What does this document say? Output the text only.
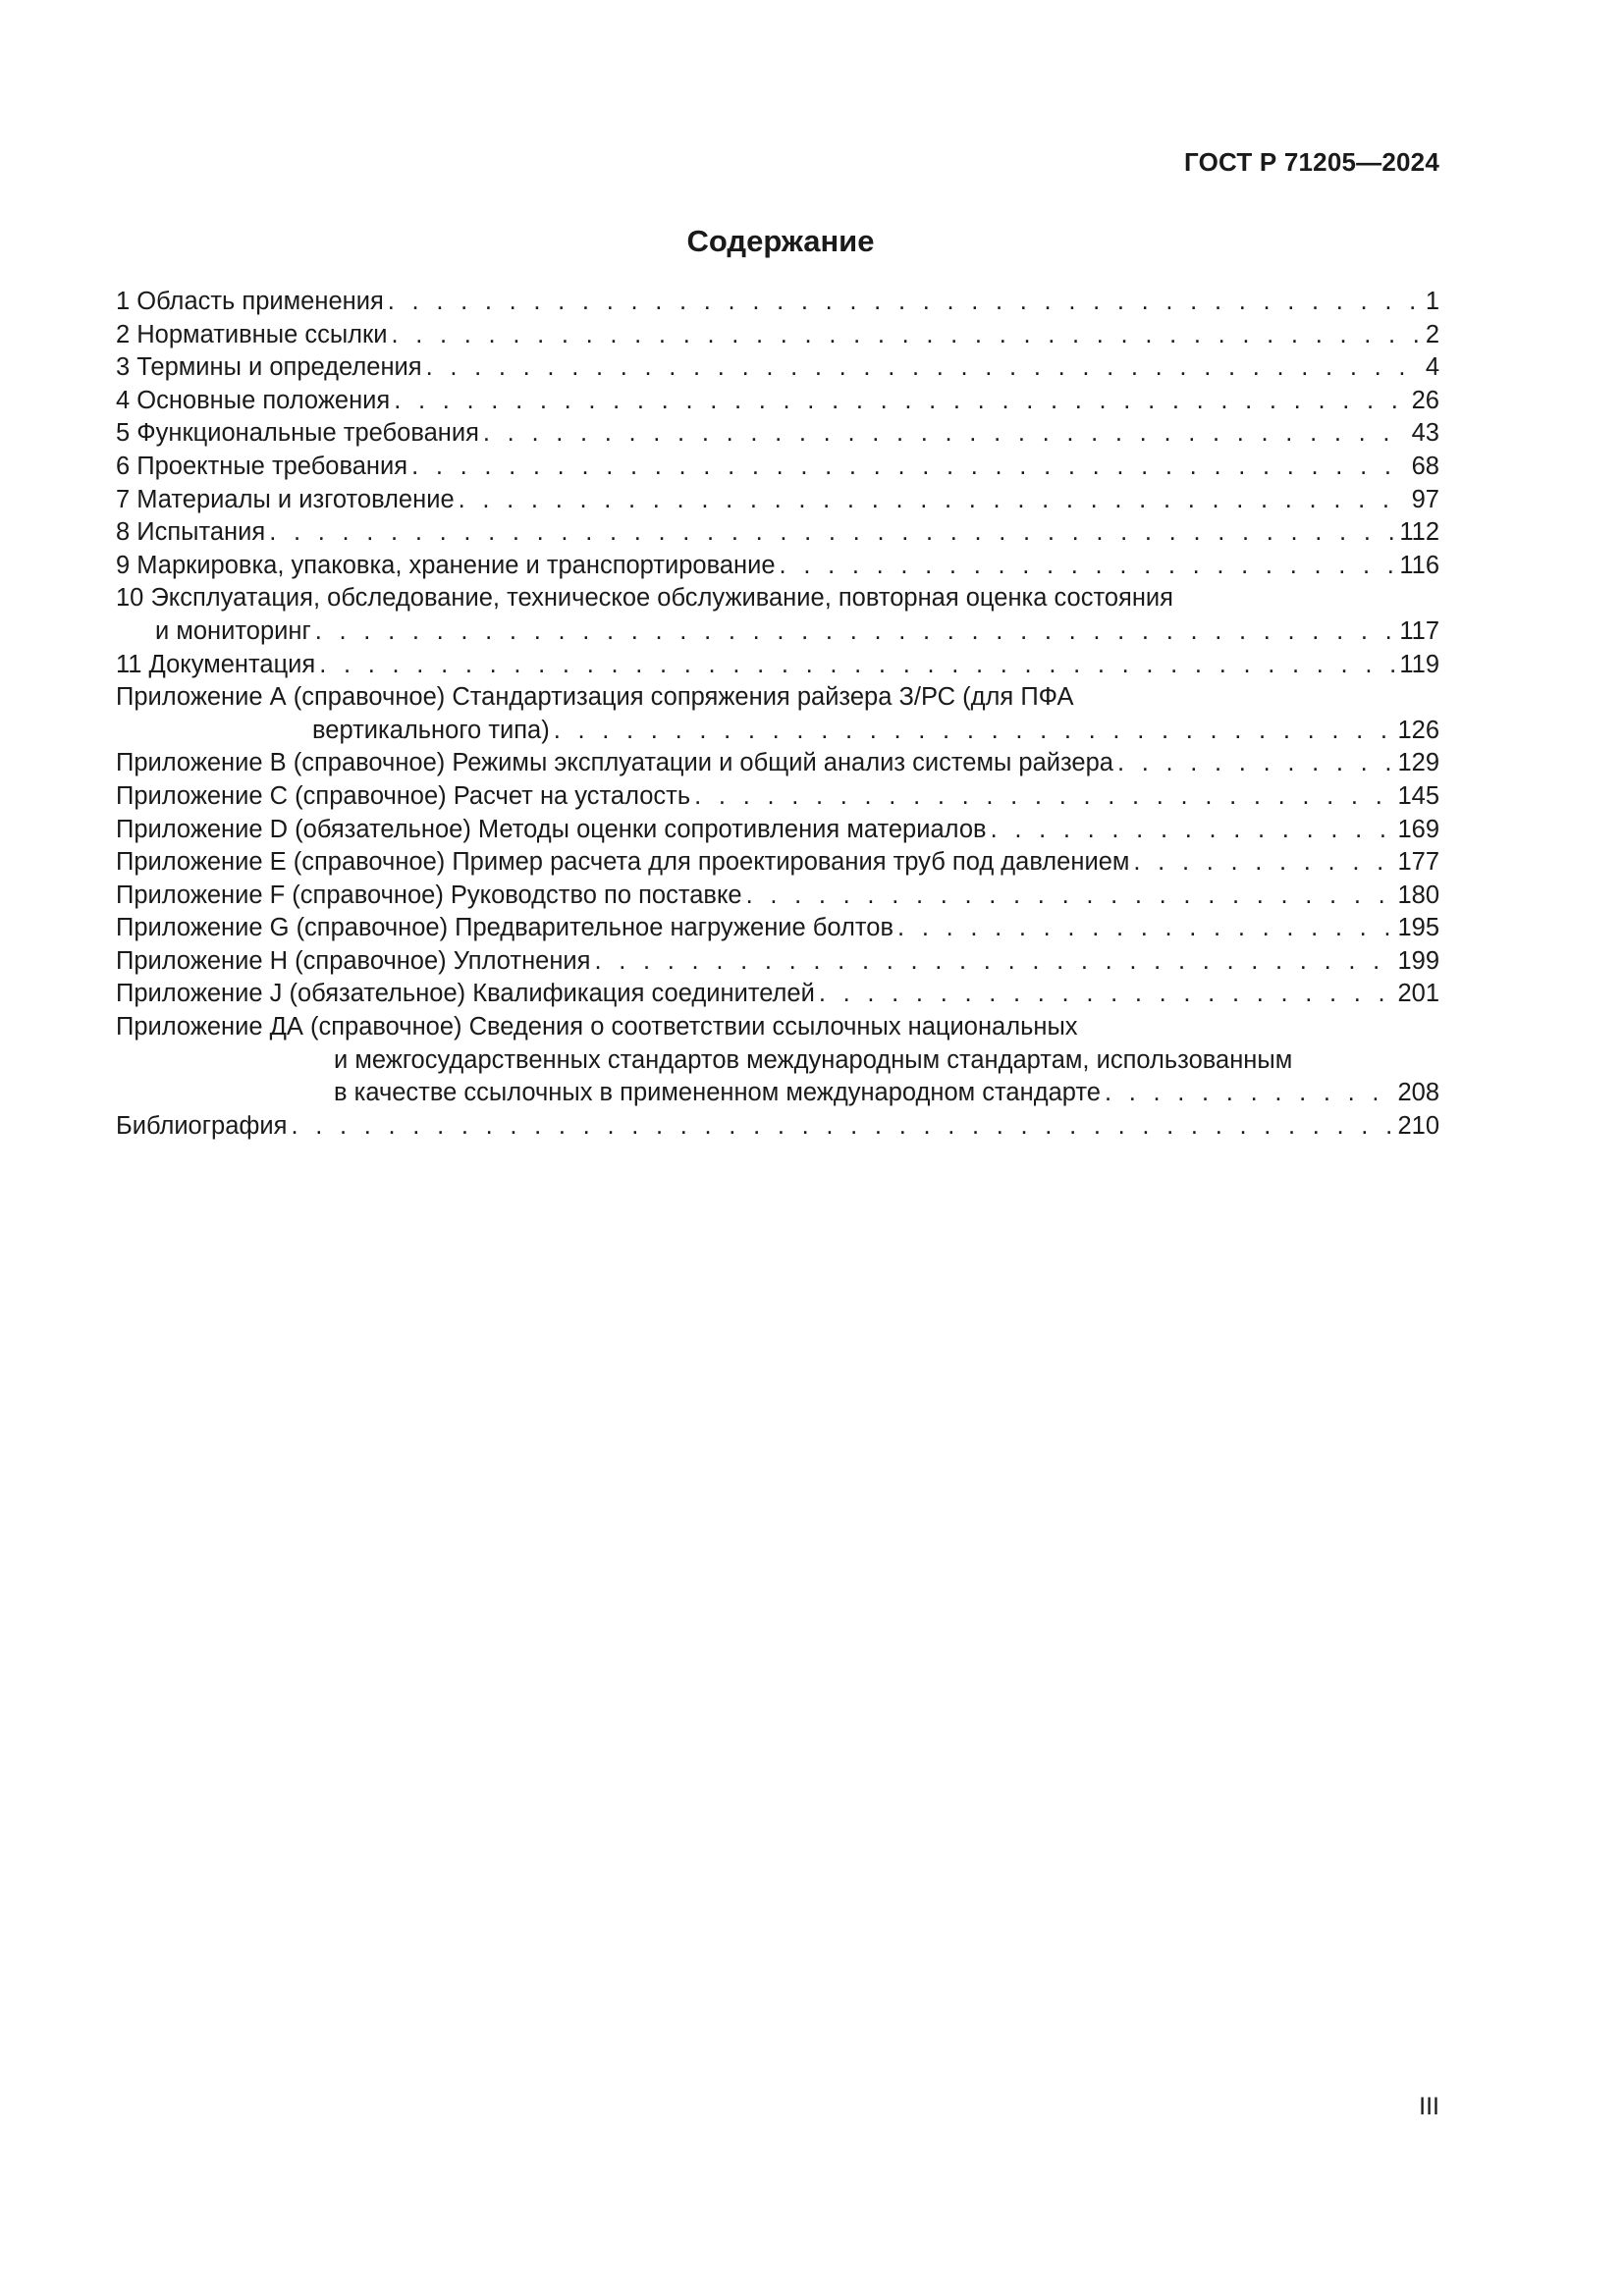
ГОСТ Р 71205—2024
Содержание
1 Область применения . . .	1
2 Нормативные ссылки . . .	2
3 Термины и определения . . .	4
4 Основные положения . . .	26
5 Функциональные требования . . .	43
6 Проектные требования . . .	68
7 Материалы и изготовление . . .	97
8 Испытания . . .	112
9 Маркировка, упаковка, хранение и транспортирование . . .	116
10 Эксплуатация, обследование, техническое обслуживание, повторная оценка состояния
и мониторинг . . .	117
11 Документация . . .	119
Приложение А (справочное) Стандартизация сопряжения райзера З/РС (для ПФА
вертикального типа) . . .	126
Приложение В (справочное) Режимы эксплуатации и общий анализ системы райзера . . .	129
Приложение С (справочное) Расчет на усталость . . .	145
Приложение D (обязательное) Методы оценки сопротивления материалов . . .	169
Приложение Е (справочное) Пример расчета для проектирования труб под давлением . . .	177
Приложение F (справочное) Руководство по поставке . . .	180
Приложение G (справочное) Предварительное нагружение болтов . . .	195
Приложение Н (справочное) Уплотнения . . .	199
Приложение J (обязательное) Квалификация соединителей . . .	201
Приложение ДА (справочное) Сведения о соответствии ссылочных национальных
и межгосударственных стандартов международным стандартам, использованным
в качестве ссылочных в примененном международном стандарте . . .	208
Библиография . . .	210
III
